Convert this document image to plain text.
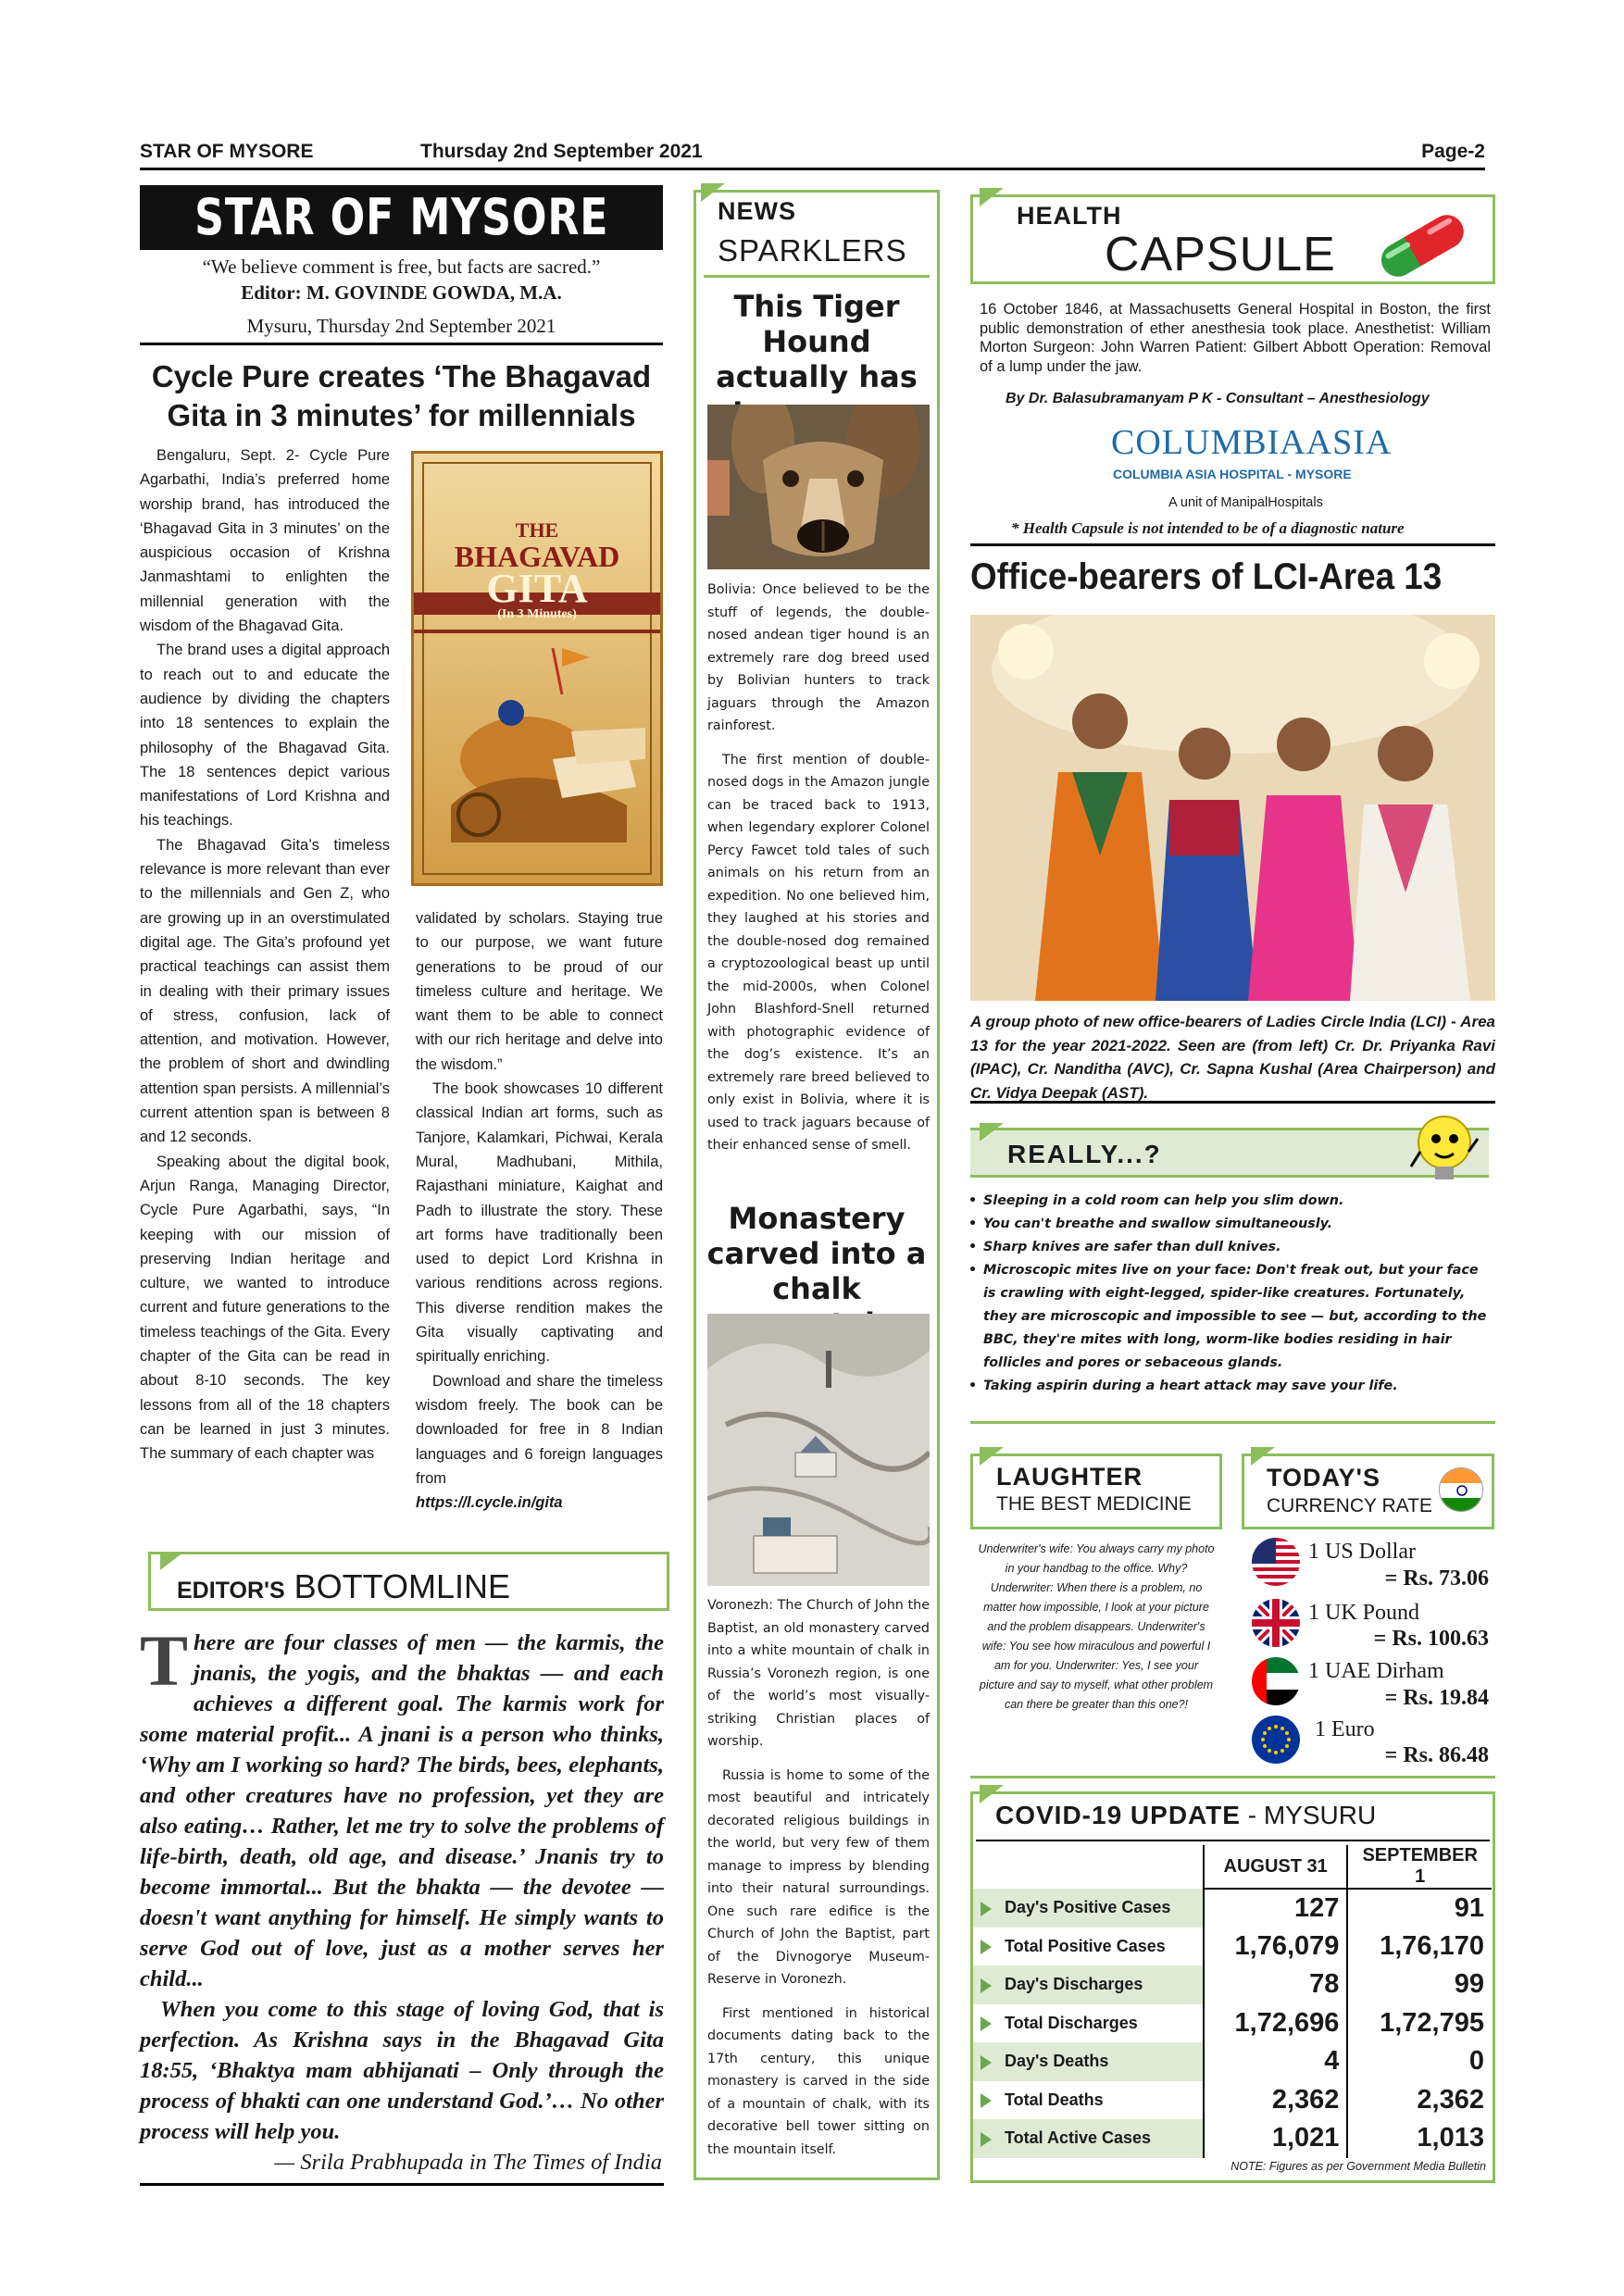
STAR OF MYSORE	Thursday 2nd September 2021	Page-2
STAR OF MYSORE
“We believe comment is free, but facts are sacred.”
Editor: M. GOVINDE GOWDA, M.A.
Mysuru, Thursday 2nd September 2021
Cycle Pure creates ‘The Bhagavad
Gita in 3 minutes’ for millennials

Bengaluru, Sept. 2- Cycle Pure Agarbathi, India’s preferred home worship brand, has introduced the ‘Bhagavad Gita in 3 minutes’ on the auspicious occasion of Krishna Janmashtami to enlighten the millennial generation with the wisdom of the Bhagavad Gita.

The brand uses a digital approach to reach out to and educate the audience by dividing the chapters into 18 sentences to explain the philosophy of the Bhagavad Gita. The 18 sentences depict various manifestations of Lord Krishna and his teachings.

The Bhagavad Gita’s timeless relevance is more relevant than ever to the millennials and Gen Z, who are growing up in an overstimulated digital age. The Gita’s profound yet practical teachings can assist them in dealing with their primary issues of stress, confusion, lack of attention, and motivation. However, the problem of short and dwindling attention span persists. A millennial’s current attention span is between 8 and 12 seconds.

Speaking about the digital book, Arjun Ranga, Managing Director, Cycle Pure Agarbathi, says, “In keeping with our mission of preserving Indian heritage and culture, we wanted to introduce current and future generations to the timeless teachings of the Gita. Every chapter of the Gita can be read in about 8-10 seconds. The key lessons from all of the 18 chapters can be learned in just 3 minutes. The summary of each chapter was

THE
BHAGAVAD
GITA
(In 3 Minutes)

validated by scholars. Staying true to our purpose, we want future generations to be proud of our timeless culture and heritage. We want them to be able to connect with our rich heritage and delve into the wisdom.”

The book showcases 10 different classical Indian art forms, such as Tanjore, Kalamkari, Pichwai, Kerala Mural, Madhubani, Mithila, Rajasthani miniature, Kaighat and Padh to illustrate the story. These art forms have traditionally been used to depict Lord Krishna in various renditions across regions. This diverse rendition makes the Gita visually captivating and spiritually enriching.

Download and share the timeless wisdom freely. The book can be downloaded for free in 8 Indian languages and 6 foreign languages from

https://l.cycle.in/gita

EDITOR'S BOTTOMLINE
There are four classes of men — the karmis, the jnanis, the yogis, and the bhaktas — and each achieves a different goal. The karmis work for some material profit... A jnani is a person who thinks, ‘Why am I working so hard? The birds, bees, elephants, and other creatures have no profession, yet they are also eating… Rather, let me try to solve the problems of life-birth, death, old age, and disease.’ Jnanis try to become immortal... But the bhakta — the devotee — doesn't want anything for himself. He simply wants to serve God out of love, just as a mother serves her child...
When you come to this stage of loving God, that is perfection. As Krishna says in the Bhagavad Gita 18:55, ‘Bhaktya mam abhijanati – Only through the process of bhakti can one understand God.’… No other process will help you.
— Srila Prabhupada in The Times of India
NEWS
SPARKLERS
This Tiger Hound actually has

Bolivia: Once believed to be the stuff of legends, the double-nosed andean tiger hound is an extremely rare dog breed used by Bolivian hunters to track jaguars through the Amazon rainforest.

The first mention of double-nosed dogs in the Amazon jungle can be traced back to 1913, when legendary explorer Colonel Percy Fawcet told tales of such animals on his return from an expedition. No one believed him, they laughed at his stories and the double-nosed dog remained a cryptozoological beast up until the mid-2000s, when Colonel John Blashford-Snell returned with photographic evidence of the dog’s existence. It’s an extremely rare breed believed to only exist in Bolivia, where it is used to track jaguars because of their enhanced sense of smell.

Monastery carved into a chalk

Voronezh: The Church of John the Baptist, an old monastery carved into a white mountain of chalk in Russia’s Voronezh region, is one of the world’s most visually-striking Christian places of worship.

Russia is home to some of the most beautiful and intricately decorated religious buildings in the world, but very few of them manage to impress by blending into their natural surroundings. One such rare edifice is the Church of John the Baptist, part of the Divnogorye Museum-Reserve in Voronezh.

First mentioned in historical documents dating back to the 17th century, this unique monastery is carved in the side of a mountain of chalk, with its decorative bell tower sitting on the mountain itself.

HEALTH
CAPSULE
16 October 1846, at Massachusetts General Hospital in Boston, the first public demonstration of ether anesthesia took place. Anesthetist: William Morton Surgeon: John Warren Patient: Gilbert Abbott Operation: Removal of a lump under the jaw.
By Dr. Balasubramanyam P K - Consultant – Anesthesiology
COLUMBIAASIA
COLUMBIA ASIA HOSPITAL - MYSORE
A unit of ManipalHospitals
* Health Capsule is not intended to be of a diagnostic nature
Office-bearers of LCI-Area 13
A group photo of new office-bearers of Ladies Circle India (LCI) - Area 13 for the year 2021-2022. Seen are (from left) Cr. Dr. Priyanka Ravi (IPAC), Cr. Nanditha (AVC), Cr. Sapna Kushal (Area Chairperson) and Cr. Vidya Deepak (AST).
REALLY...?
• Sleeping in a cold room can help you slim down.
• You can't breathe and swallow simultaneously.
• Sharp knives are safer than dull knives.
• Microscopic mites live on your face: Don't freak out, but your face is crawling with eight-legged, spider-like creatures. Fortunately, they are microscopic and impossible to see — but, according to the BBC, they're mites with long, worm-like bodies residing in hair follicles and pores or sebaceous glands.
• Taking aspirin during a heart attack may save your life.
LAUGHTER
THE BEST MEDICINE
Underwriter's wife: You always carry my photo in your handbag to the office. Why? Underwriter: When there is a problem, no matter how impossible, I look at your picture and the problem disappears. Underwriter's wife: You see how miraculous and powerful I am for you. Underwriter: Yes, I see your picture and say to myself, what other problem can there be greater than this one?!
TODAY'S
CURRENCY RATE
1 US Dollar
= Rs. 73.06
1 UK Pound
= Rs. 100.63
1 UAE Dirham
= Rs. 19.84
1 Euro
= Rs. 86.48
COVID-19 UPDATE - MYSURU
	AUGUST 31	SEPTEMBER 1
Day's Positive Cases	127	91
Total Positive Cases	1,76,079	1,76,170
Day's Discharges	78	99
Total Discharges	1,72,696	1,72,795
Day's Deaths	4	0
Total Deaths	2,362	2,362
Total Active Cases	1,021	1,013
NOTE: Figures as per Government Media Bulletin
